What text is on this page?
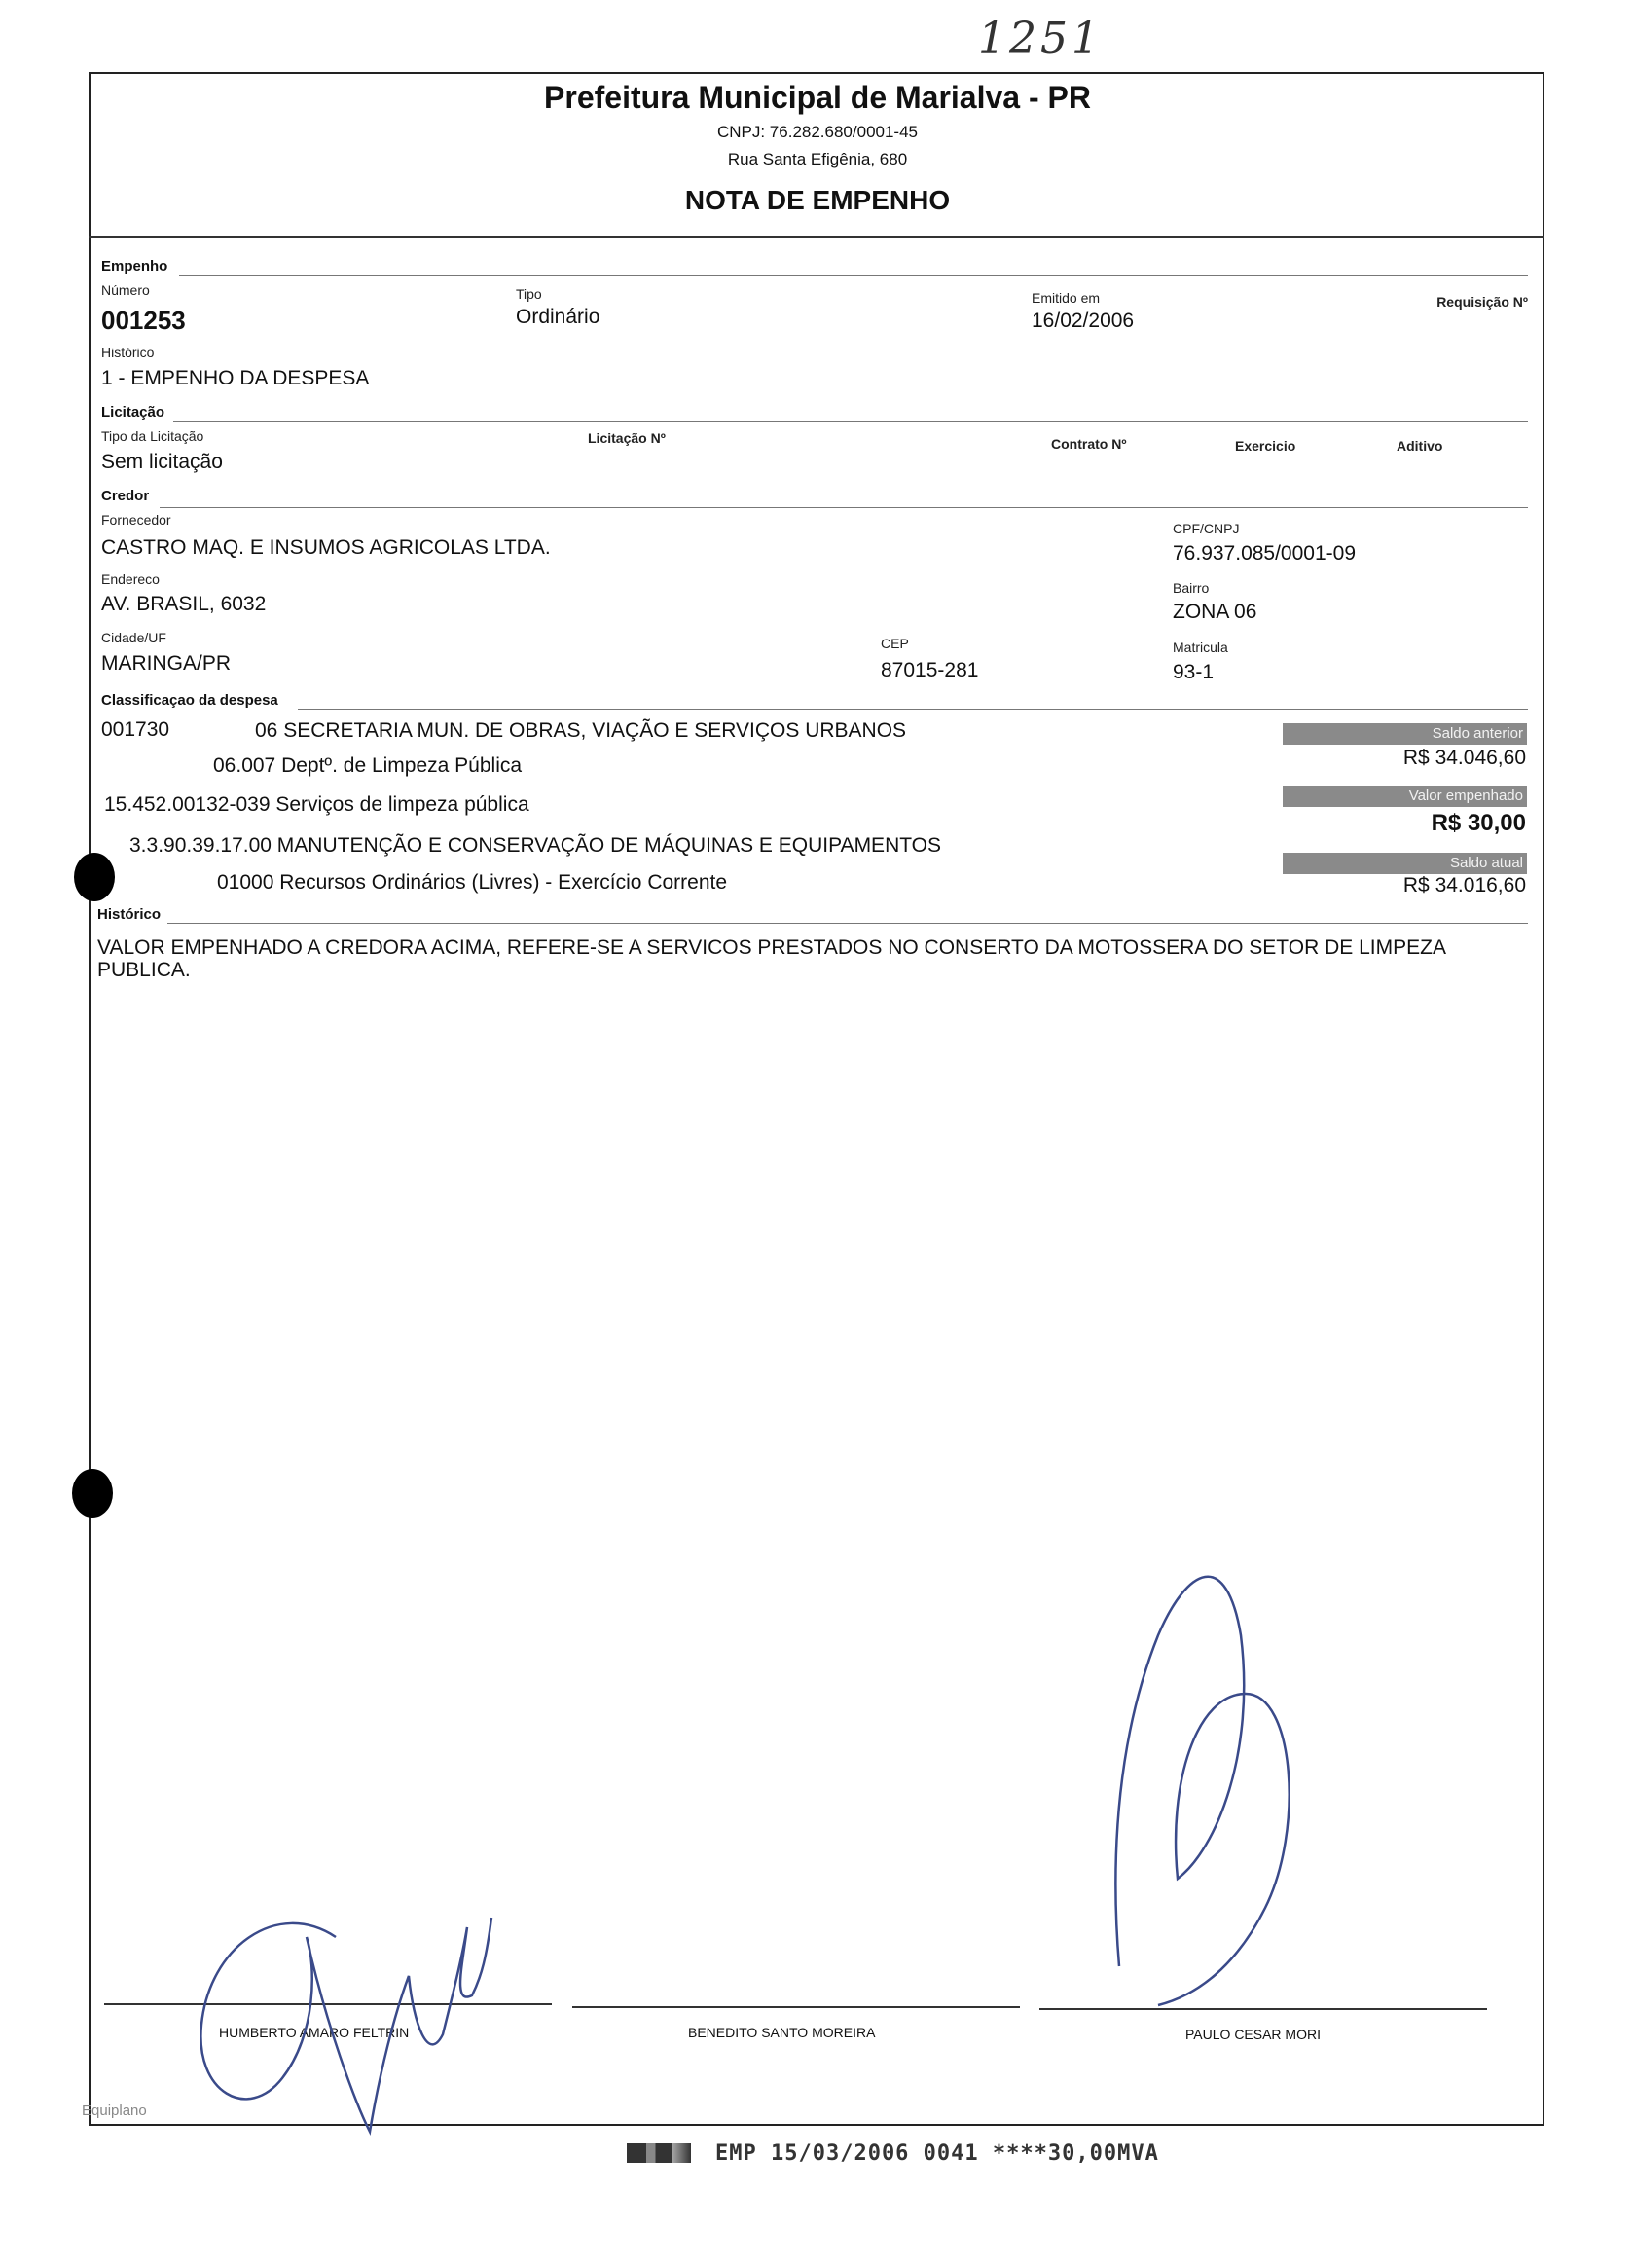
1251
Prefeitura Municipal de Marialva - PR
CNPJ: 76.282.680/0001-45
Rua Santa Efigênia, 680
NOTA DE EMPENHO
Empenho
Número
001253
Tipo
Ordinário
Emitido em
16/02/2006
Requisição Nº
Histórico
1 - EMPENHO DA DESPESA
Licitação
Tipo da Licitação
Sem licitação
Licitação Nº	Contrato Nº	Exercicio	Aditivo
Credor
Fornecedor
CASTRO MAQ. E INSUMOS AGRICOLAS LTDA.
CPF/CNPJ
76.937.085/0001-09
Endereco
AV. BRASIL, 6032
Bairro
ZONA 06
Cidade/UF
MARINGA/PR
CEP
87015-281
Matricula
93-1
Classificaçao da despesa
001730	06 SECRETARIA MUN. DE OBRAS, VIAÇÃO E SERVIÇOS URBANOS
06.007 Deptº. de Limpeza Pública
15.452.00132-039 Serviços de limpeza pública
3.3.90.39.17.00 MANUTENÇÃO E CONSERVAÇÃO DE MÁQUINAS E EQUIPAMENTOS
01000 Recursos Ordinários (Livres) - Exercício Corrente
Saldo anterior
R$ 34.046,60
Valor empenhado
R$ 30,00
Saldo atual
R$ 34.016,60
Histórico
VALOR EMPENHADO A CREDORA ACIMA, REFERE-SE A SERVICOS PRESTADOS NO CONSERTO DA MOTOSSERA DO SETOR DE LIMPEZA PUBLICA.
HUMBERTO AMARO FELTRIN	BENEDITO SANTO MOREIRA	PAULO CESAR MORI
Equiplano
EMP 15/03/2006 0041 ****30,00MVA
